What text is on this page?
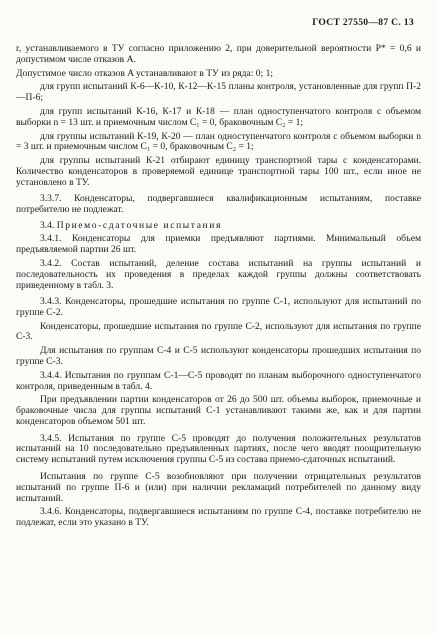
ГОСТ 27550—87 С. 13

r, устанавливаемого в ТУ согласно приложению 2, при доверительной вероятности P* = 0,6 и допустимом числе отказов A.

Допустимое число отказов A устанавливают в ТУ из ряда: 0; 1;

для групп испытаний К-6—К-10, К-12—К-15 планы контроля, установленные для групп П-2—П-6;

для групп испытаний К-16, К-17 и К-18 — план одноступенчатого контроля с объемом выборки n = 13 шт. и приемочным числом C₁ = 0, браковочным C₂ = 1;

для группы испытаний К-19, К-20 — план одноступенчатого контроля с объемом выборки n = 3 шт. и приемочным числом C₁ = 0, браковочным C₂ = 1;

для группы испытаний К-21 отбирают единицу транспортной тары с конденсаторами. Количество конденсаторов в проверяемой единице транспортной тары 100 шт., если иное не установлено в ТУ.

3.3.7. Конденсаторы, подвергавшиеся квалификационным испытаниям, поставке потребителю не подлежат.

3.4. Приемо-сдаточные испытания

3.4.1. Конденсаторы для приемки предъявляют партиями. Минимальный объем предъявляемой партии 26 шт.

3.4.2. Состав испытаний, деление состава испытаний на группы испытаний и последовательность их проведения в пределах каждой группы должны соответствовать приведенному в табл. 3.

3.4.3. Конденсаторы, прошедшие испытания по группе С-1, используют для испытаний по группе С-2.

Конденсаторы, прошедшие испытания по группе С-2, используют для испытания по группе С-3.

Для испытания по группам С-4 и С-5 используют конденсаторы прошедших испытания по группе С-3.

3.4.4. Испытания по группам С-1—С-5 проводят по планам выборочного одноступенчатого контроля, приведенным в табл. 4.

При предъявлении партии конденсаторов от 26 до 500 шт. объемы выборок, приемочные и браковочные числа для группы испытаний С-1 устанавливают такими же, как и для партии конденсаторов объемом 501 шт.

3.4.5. Испытания по группе С-5 проводят до получения положительных результатов испытаний на 10 последовательно предъявленных партиях, после чего вводят поощрительную систему испытаний путем исключения группы С-5 из состава приемо-сдаточных испытаний.

Испытания по группе С-5 возобновляют при получении отрицательных результатов испытаний по группе П-6 и (или) при наличии рекламаций потребителей по данному виду испытаний.

3.4.6. Конденсаторы, подвергавшиеся испытаниям по группе С-4, поставке потребителю не подлежат, если это указано в ТУ.
